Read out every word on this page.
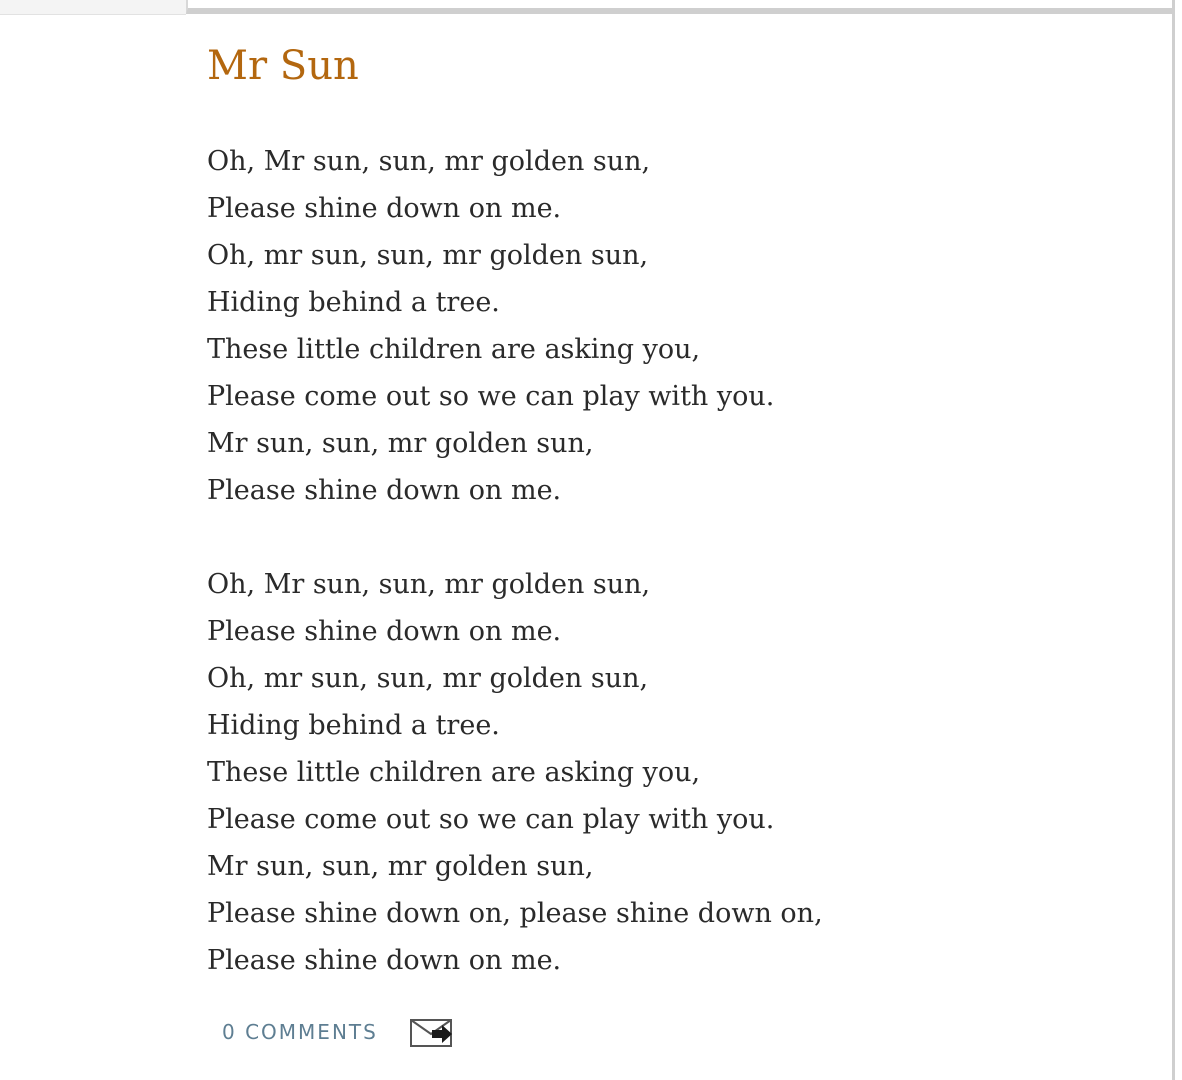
Mr Sun
Oh, Mr sun, sun, mr golden sun,
Please shine down on me.
Oh, mr sun, sun, mr golden sun,
Hiding behind a tree.
These little children are asking you,
Please come out so we can play with you.
Mr sun, sun, mr golden sun,
Please shine down on me.
Oh, Mr sun, sun, mr golden sun,
Please shine down on me.
Oh, mr sun, sun, mr golden sun,
Hiding behind a tree.
These little children are asking you,
Please come out so we can play with you.
Mr sun, sun, mr golden sun,
Please shine down on, please shine down on,
Please shine down on me.
0 COMMENTS
